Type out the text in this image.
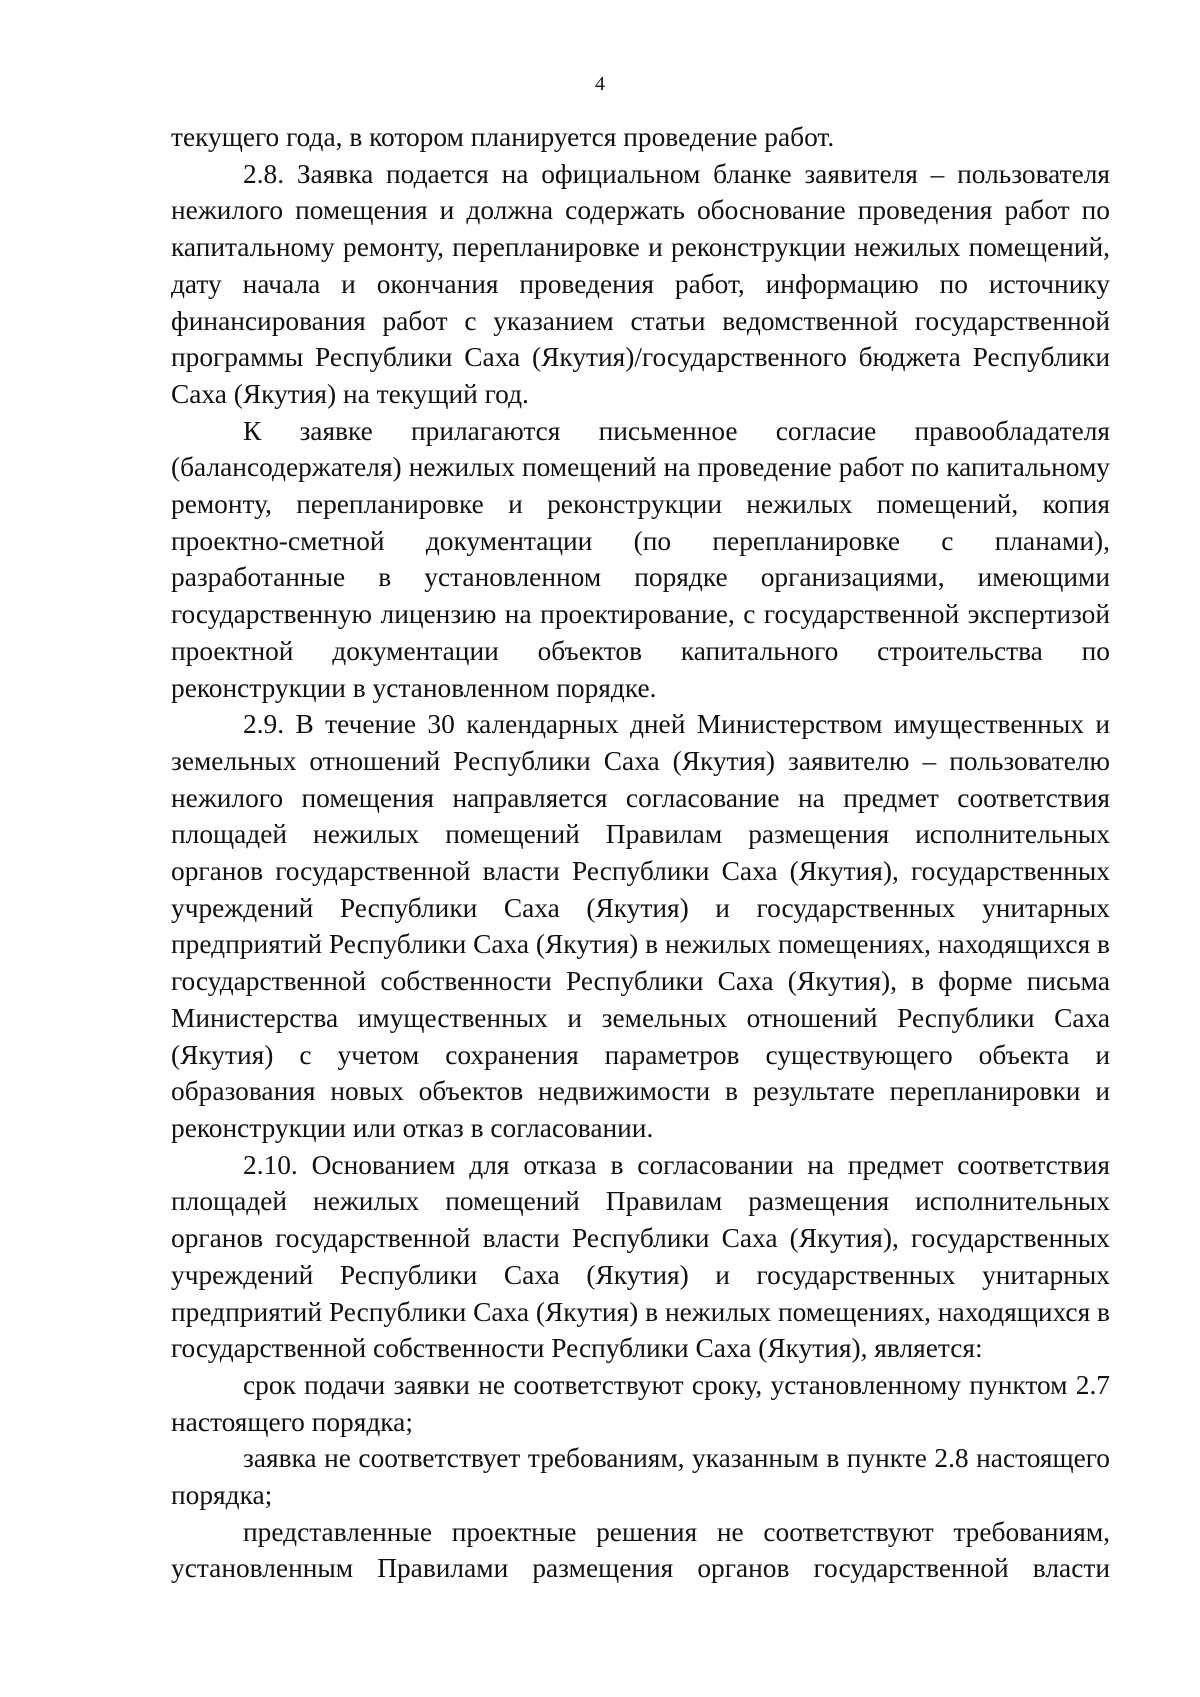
4

текущего года, в котором планируется проведение работ.

2.8. Заявка подается на официальном бланке заявителя – пользователя нежилого помещения и должна содержать обоснование проведения работ по капитальному ремонту, перепланировке и реконструкции нежилых помещений, дату начала и окончания проведения работ, информацию по источнику финансирования работ с указанием статьи ведомственной государственной программы Республики Саха (Якутия)/государственного бюджета Республики Саха (Якутия) на текущий год.

К заявке прилагаются письменное согласие правообладателя (балансодержателя) нежилых помещений на проведение работ по капитальному ремонту, перепланировке и реконструкции нежилых помещений, копия проектно-сметной документации (по перепланировке с планами), разработанные в установленном порядке организациями, имеющими государственную лицензию на проектирование, с государственной экспертизой проектной документации объектов капитального строительства по реконструкции в установленном порядке.

2.9. В течение 30 календарных дней Министерством имущественных и земельных отношений Республики Саха (Якутия) заявителю – пользователю нежилого помещения направляется согласование на предмет соответствия площадей нежилых помещений Правилам размещения исполнительных органов государственной власти Республики Саха (Якутия), государственных учреждений Республики Саха (Якутия) и государственных унитарных предприятий Республики Саха (Якутия) в нежилых помещениях, находящихся в государственной собственности Республики Саха (Якутия), в форме письма Министерства имущественных и земельных отношений Республики Саха (Якутия) с учетом сохранения параметров существующего объекта и образования новых объектов недвижимости в результате перепланировки и реконструкции или отказ в согласовании.

2.10. Основанием для отказа в согласовании на предмет соответствия площадей нежилых помещений Правилам размещения исполнительных органов государственной власти Республики Саха (Якутия), государственных учреждений Республики Саха (Якутия) и государственных унитарных предприятий Республики Саха (Якутия) в нежилых помещениях, находящихся в государственной собственности Республики Саха (Якутия), является:

срок подачи заявки не соответствуют сроку, установленному пунктом 2.7 настоящего порядка;

заявка не соответствует требованиям, указанным в пункте 2.8 настоящего порядка;

представленные проектные решения не соответствуют требованиям, установленным Правилами размещения органов государственной власти
